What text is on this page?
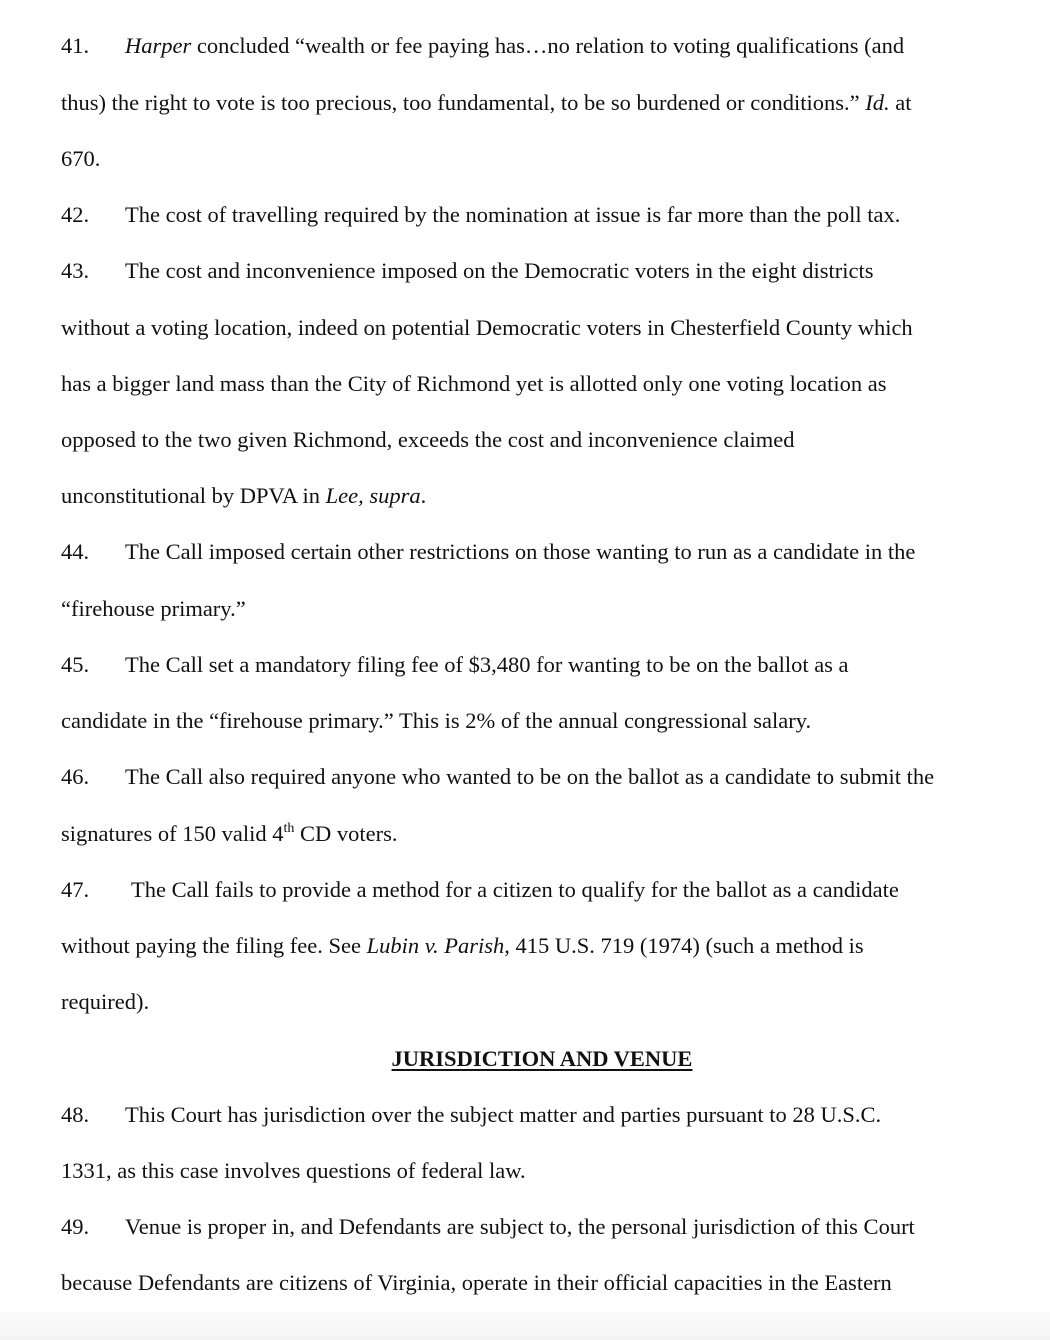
41. Harper concluded “wealth or fee paying has…no relation to voting qualifications (and
thus) the right to vote is too precious, too fundamental, to be so burdened or conditions.” Id. at
670.
42. The cost of travelling required by the nomination at issue is far more than the poll tax.
43. The cost and inconvenience imposed on the Democratic voters in the eight districts
without a voting location, indeed on potential Democratic voters in Chesterfield County which
has a bigger land mass than the City of Richmond yet is allotted only one voting location as
opposed to the two given Richmond, exceeds the cost and inconvenience claimed
unconstitutional by DPVA in Lee, supra.
44. The Call imposed certain other restrictions on those wanting to run as a candidate in the
“firehouse primary.”
45. The Call set a mandatory filing fee of $3,480 for wanting to be on the ballot as a
candidate in the “firehouse primary.” This is 2% of the annual congressional salary.
46. The Call also required anyone who wanted to be on the ballot as a candidate to submit the
signatures of 150 valid 4th CD voters.
47. The Call fails to provide a method for a citizen to qualify for the ballot as a candidate
without paying the filing fee. See Lubin v. Parish, 415 U.S. 719 (1974) (such a method is
required).
JURISDICTION AND VENUE
48. This Court has jurisdiction over the subject matter and parties pursuant to 28 U.S.C.
1331, as this case involves questions of federal law.
49. Venue is proper in, and Defendants are subject to, the personal jurisdiction of this Court
because Defendants are citizens of Virginia, operate in their official capacities in the Eastern
